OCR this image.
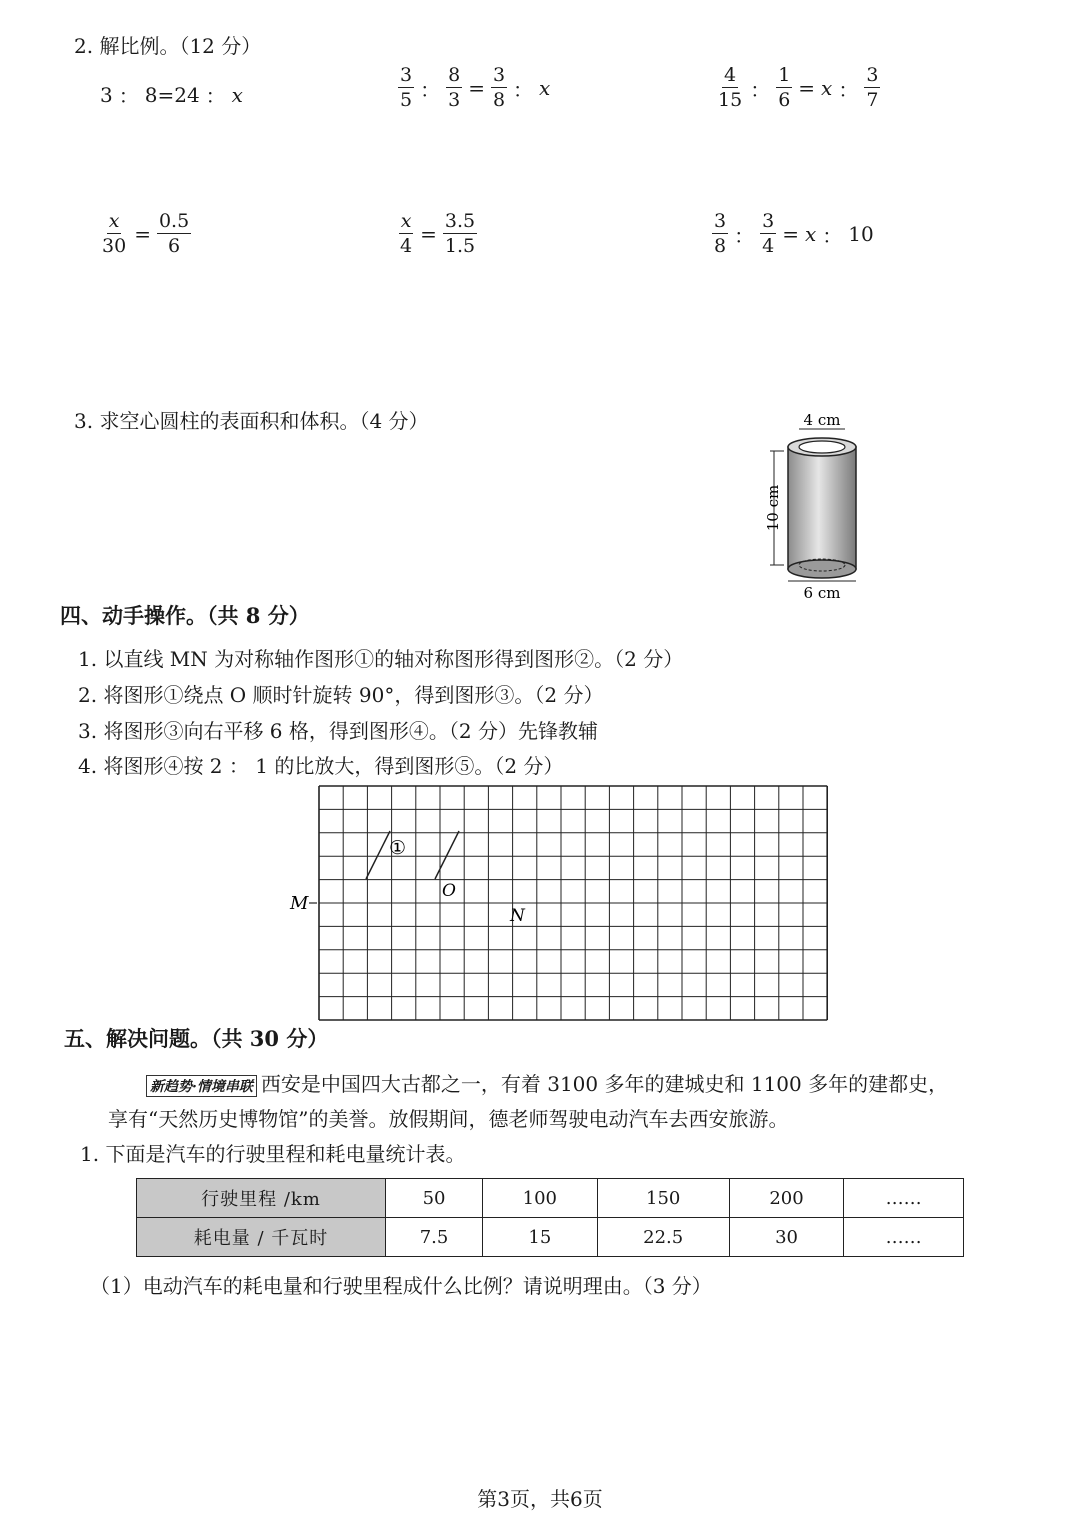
2. 解比例。（12 分）
3 ： 8=24 ： x	$\frac{3}{5}$ ： $\frac{8}{3} = \frac{3}{8}$ ： x	$\frac{4}{15}$ ： $\frac{1}{6} = x$ ： $\frac{3}{7}$
$\frac{x}{30} = \frac{0.5}{6}$	$\frac{x}{4} = \frac{3.5}{1.5}$	$\frac{3}{8}$ ： $\frac{3}{4} = x$ ： 10
3. 求空心圆柱的表面积和体积。（4 分）	4 cm
10 cm
6 cm
四、动手操作。（共 8 分）
1. 以直线 MN 为对称轴作图形①的轴对称图形得到图形②。（2 分）
2. 将图形①绕点 O 顺时针旋转 90°，得到图形③。（2 分）
3. 将图形③向右平移 6 格，得到图形④。（2 分）先锋教辅
4. 将图形④按 2 ： 1 的比放大，得到图形⑤。（2 分）
M
N
O
①
五、解决问题。（共 30 分）
新趋势·情境串联 西安是中国四大古都之一，有着 3100 多年的建城史和 1100 多年的建都史，
享有“天然历史博物馆”的美誉。放假期间，德老师驾驶电动汽车去西安旅游。
1. 下面是汽车的行驶里程和耗电量统计表。
行驶里程 /km	50	100	150	200	……
耗电量 / 千瓦时	7.5	15	22.5	30	……
（1）电动汽车的耗电量和行驶里程成什么比例？请说明理由。（3 分）
第3页，共6页
